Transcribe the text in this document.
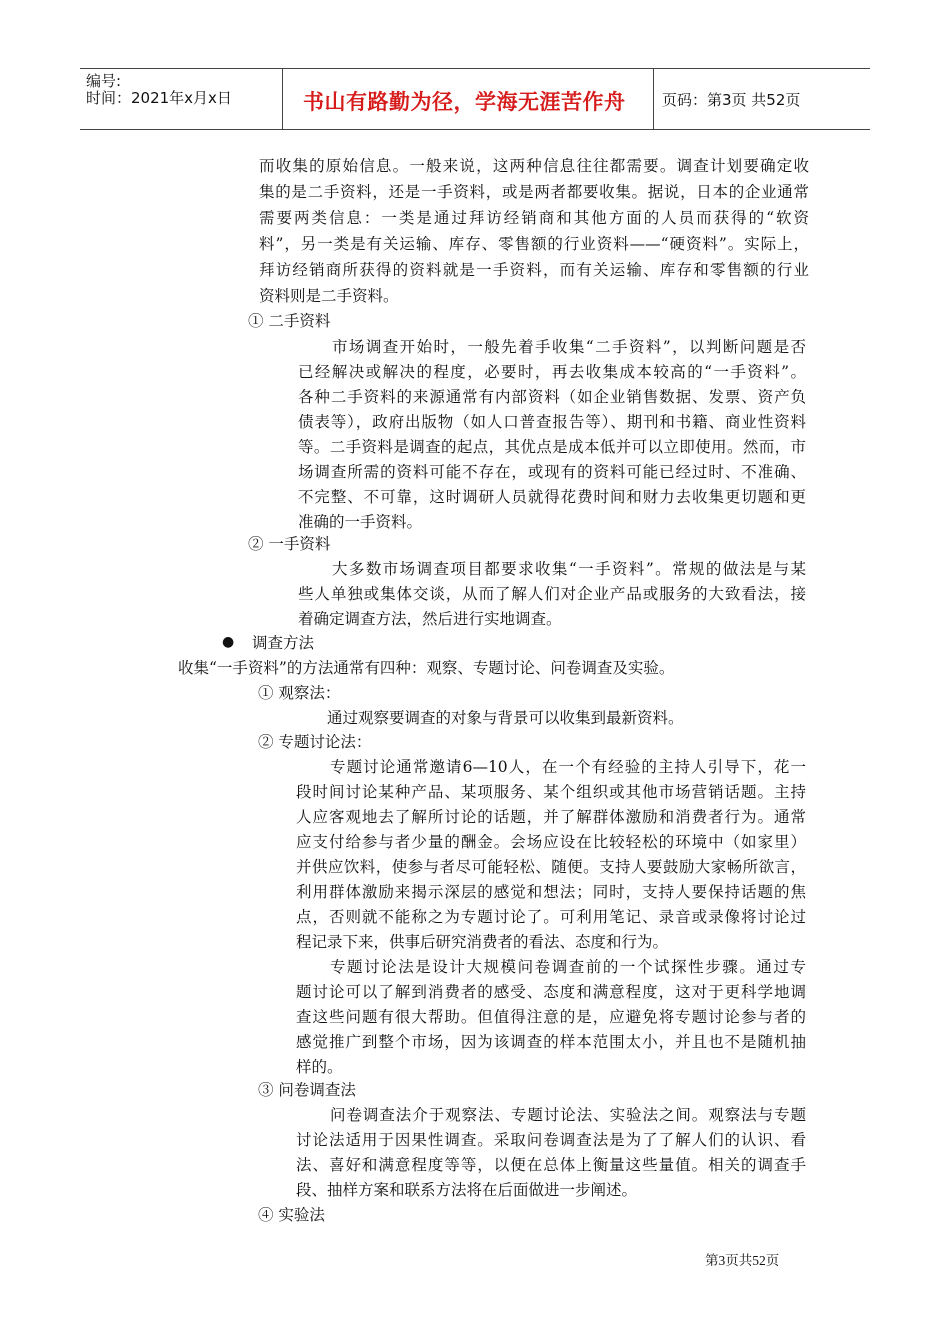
编号:
时间：2021年x月x日	书山有路勤为径，学海无涯苦作舟 页码：第3页 共52页
而收集的原始信息。一般来说，这两种信息往往都需要。调查计划要确定收
集的是二手资料，还是一手资料，或是两者都要收集。据说，日本的企业通常
需要两类信息：一类是通过拜访经销商和其他方面的人员而获得的“软资
料”，另一类是有关运输、库存、零售额的行业资料——“硬资料”。实际上，
拜访经销商所获得的资料就是一手资料，而有关运输、库存和零售额的行业
资料则是二手资料。
① 二手资料
市场调查开始时，一般先着手收集“二手资料”，以判断问题是否
已经解决或解决的程度，必要时，再去收集成本较高的“一手资料”。
各种二手资料的来源通常有内部资料（如企业销售数据、发票、资产负
债表等），政府出版物（如人口普查报告等）、期刊和书籍、商业性资料
等。二手资料是调查的起点，其优点是成本低并可以立即使用。然而，市
场调查所需的资料可能不存在，或现有的资料可能已经过时、不准确、
不完整、不可靠，这时调研人员就得花费时间和财力去收集更切题和更
准确的一手资料。
② 一手资料
大多数市场调查项目都要求收集“一手资料”。常规的做法是与某
些人单独或集体交谈，从而了解人们对企业产品或服务的大致看法，接
着确定调查方法，然后进行实地调查。
● 调查方法
收集“一手资料”的方法通常有四种：观察、专题讨论、问卷调查及实验。
① 观察法：
通过观察要调查的对象与背景可以收集到最新资料。
② 专题讨论法：
专题讨论通常邀请6—10人，在一个有经验的主持人引导下，花一
段时间讨论某种产品、某项服务、某个组织或其他市场营销话题。主持
人应客观地去了解所讨论的话题，并了解群体激励和消费者行为。通常
应支付给参与者少量的酬金。会场应设在比较轻松的环境中（如家里）
并供应饮料，使参与者尽可能轻松、随便。支持人要鼓励大家畅所欲言，
利用群体激励来揭示深层的感觉和想法；同时，支持人要保持话题的焦
点，否则就不能称之为专题讨论了。可利用笔记、录音或录像将讨论过
程记录下来，供事后研究消费者的看法、态度和行为。
专题讨论法是设计大规模问卷调查前的一个试探性步骤。通过专
题讨论可以了解到消费者的感受、态度和满意程度，这对于更科学地调
查这些问题有很大帮助。但值得注意的是，应避免将专题讨论参与者的
感觉推广到整个市场，因为该调查的样本范围太小，并且也不是随机抽
样的。
③ 问卷调查法
问卷调查法介于观察法、专题讨论法、实验法之间。观察法与专题
讨论法适用于因果性调查。采取问卷调查法是为了了解人们的认识、看
法、喜好和满意程度等等，以便在总体上衡量这些量值。相关的调查手
段、抽样方案和联系方法将在后面做进一步阐述。
④ 实验法
第3页共52页
